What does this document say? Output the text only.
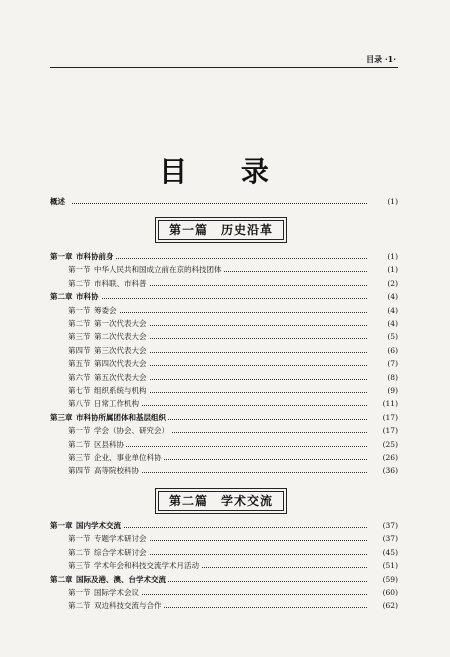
目录 ·1·
目 录
概述	(1)
第一篇　历史沿革
第一章 市科协前身	(1)
第一节 中华人民共和国成立前在京的科技团体	(1)
第二节 市科联、市科普	(2)
第二章 市科协	(4)
第一节 筹委会	(4)
第二节 第一次代表大会	(4)
第三节 第二次代表大会	(5)
第四节 第三次代表大会	(6)
第五节 第四次代表大会	(7)
第六节 第五次代表大会	(8)
第七节 组织系统与机构	(9)
第八节 日常工作机构	(11)
第三章 市科协所属团体和基层组织	(17)
第一节 学会（协会、研究会）	(17)
第二节 区县科协	(25)
第三节 企业、事业单位科协	(26)
第四节 高等院校科协	(36)
第二篇　学术交流
第一章 国内学术交流	(37)
第一节 专题学术研讨会	(37)
第二节 综合学术研讨会	(45)
第三节 学术年会和科技交流学术月活动	(51)
第二章 国际及港、澳、台学术交流	(59)
第一节 国际学术会议	(60)
第二节 双边科技交流与合作	(62)
